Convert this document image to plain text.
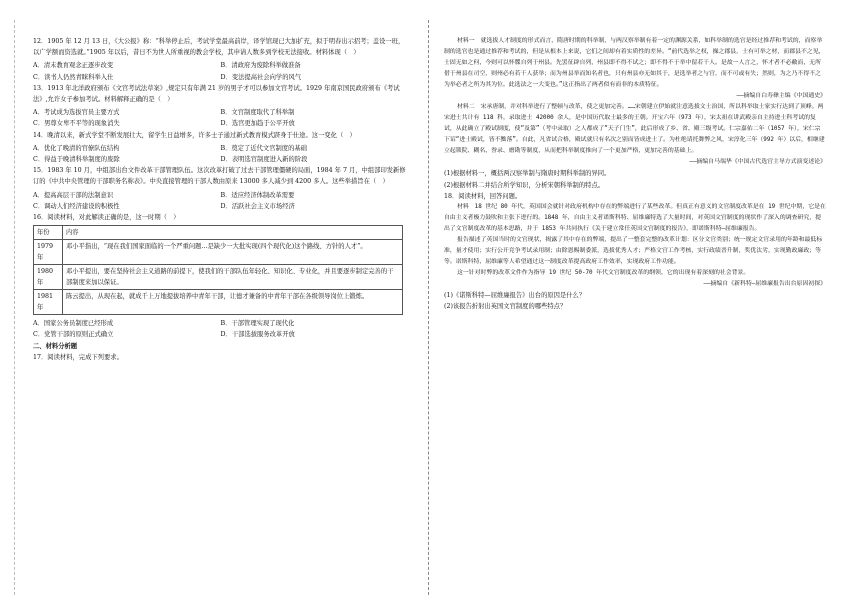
12．1905 年 12 月 13 日，《大公报》称：“科举停止后，考试学堂最高前岸，译学馆现已大加扩充，拟于明春出示招考；盖设一班，以广学额而资选就。”1905 年以后，昔日不为世人所重视的教会学校，其申请人数多到学校无法接收。材料体现（　）

A．清末教育观念正逐步改变	B．清政府为废除科举做准备
C．读书人仍然青睐科举入仕	D．变法提高社会向学的风气

13．1913 年北洋政府颁布《文官考试法草案》,规定只有年满 21 岁的男子才可以参加文官考试。1929 年南京国民政府颁布《考试法》,允许女子参加考试。材料解释正确的是（　）

A．考试成为选拔官员主要方式	B．文官制度取代了科举制
C．男尊女卑不平等的现象消失	D．选官更加趋于公平开放

14．晚清以来，新式学堂不断发展壮大，留学生日益增多，许多士子通过新式教育模式跻身于仕途。这一变化（　）

A．优化了晚清的官僚队伍结构	B．奠定了近代文官制度的基础
C．得益于晚清科举制度的废除	D．表明选官制度进入新的阶段

15．1983 年 10 月，中组部出台文件改革干部管理队伍。这次改革打破了过去干部管理僵硬的局面，1984 年 7 月，中组部印发新修订的《中共中央管理的干部职务名称表》。中央直接管理的干部人数由原来 13000 多人减少到 4200 多人。这些举措旨在（　）

A．提高高层干部的法制意识	B．适应经济体制改革需要
C．调动人们经济建设的积极性	D．活跃社会主义市场经济

16．阅读材料，对此解读正确的是，这一时期（　）

年份	内容
1979年	邓小平指出，“现在我们国家面临的一个严重问题...是缺少一大批实现(四个现代化)这个路线、方针的人才”。
1980年	邓小平提出，要在坚持社会主义道路的前提下，使我们的干部队伍年轻化、知识化、专业化，并且要逐步制定完善的干部制度来加以保证。
1981年	陈云提出，从现在起，就成千上万地提拔培养中青年干部，让德才兼备的中青年干部在各级领导岗位上锻炼。
A．国家公务员制度已经形成	B．干部管理实现了现代化
C．党管干部的原则正式确立	D．干部选拔服务改革开放

二、材料分析题

17．阅读材料，完成下列要求。

材料一　就选拔人才制度的形式而言，隋唐时期的科举制，与两汉察举制有着一定的渊源关系，如科举制的选官是经过推荐和考试的，而察举制的选官也是通过推荐和考试的，但是从根本上来说，它们之间却有着实质性的差异。“前代选举之权，操之郡县，士有可举之材，而郡县不之见，士固无如之何，今则可以怀牒自列于州县。先罢征辟自列，州县即不得不试之；即不得不于举中留若干人。是故一人言之，怀才者不必敝而，无所借于州县在司空，则州必有若干人获举；而为州县举而知名者也，只有州县亦无如其于，是选举者之与官，而不可或有失；然则，为之乃不得不之为举必者之所为其为位。此选法之一大变也。”这正指出了两者似有而非的本质特征。

——摘编自白寿彝主编《中国通史》

材料二　宋承唐制，并对科举进行了整顿与改革，使之更加完善。……宋朝建立伊始就注意选拔文士治国，所以科举取士家实行达到了顶峰。两宋进士共计有 118 科，录取进士 42000 余人，是中国历代取士最多的王朝。开宝六年（973 年），宋太祖在讲武殿亲自主持进士科考试的复试，从此确立了殿试制度，使“及第”（考中录取）之人都成了“天子门生”，此后形成了乡、省、殿三级考试。仁宗嘉佑二年（1057 年），宋仁宗下诏“进士殿试，皆不黜落”。自此，凡省试合格，殿试就只有名次之别而皆成进士了。为杜绝请托舞弊之风，宋淳化三年（992 年）以后，相继建立起锁院、糊名、誊录、磨勘等制度，从而把科举制度推向了一个更加严格，更加完善的基础上。

——摘编自马端华《中国古代选官主导方式演变述论》

(1)根据材料一，概括两汉察举制与隋唐时期科举制的异同。

(2)根据材料二并结合所学知识，分析宋朝科举制的特点。

18．阅读材料，回答问题。

材料　18 世纪 80 年代，英国国会就针对政府机构中存在的弊端进行了某些改革。但真正有意义的文官制度改革是在 19 世纪中期，它是在自由主义者极力鼓吹和主张下进行的。1848 年，自由主义者诺斯科特、屈维廉特选了大量时间，对英国文官制度的现状作了深入的调查研究，提出了文官制度改革的基本思路，并于 1853 年共同执行《关于建立常任英国文官制度的报告》，即诺斯科特—屈维廉报告。

报告描述了英国当时的文官现状，揭露了其中存在的弊端，提出了一整套完整的改革计划：区分文官类别；统一规定文官录用的年龄和最低标准，量才使用；实行公开竞争考试录用制；由除恩赐制委派，选拔优秀人才；严格文官工作考核，实行政绩晋升制，奖优汰劣，实现勤政廉政；等等。诺斯科特、屈维廉等人希望通过这一制度改革提高政府工作效率，实现政府工作功能。

这一针对时弊的改革文件作为指导 19 世纪 50-70 年代文官制度改革的纲领，它的出现有着深刻的社会背景。

——摘编自《新科特—屈维廉报告出台原因初探》

(1)《诺斯科特—屈维廉报告》出台的原因是什么？

(2)该报告折射出英国文官制度的哪些特点？
